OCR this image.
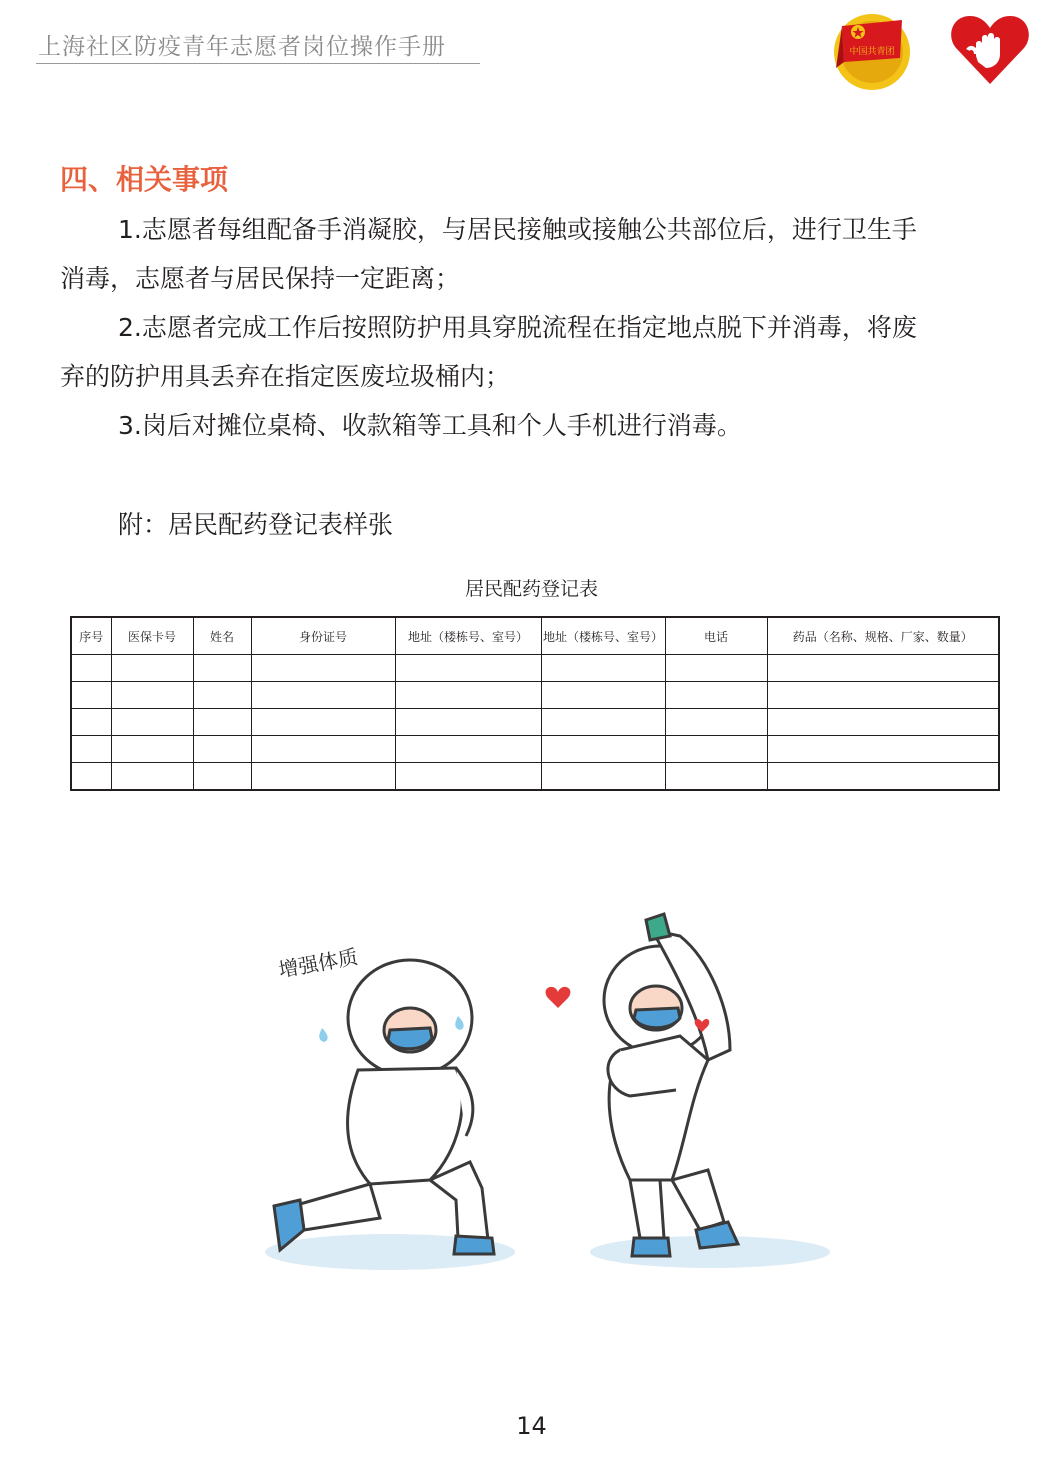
上海社区防疫青年志愿者岗位操作手册	中国共青团
四、相关事项
1.志愿者每组配备手消凝胶，与居民接触或接触公共部位后，进行卫生手
消毒，志愿者与居民保持一定距离；
2.志愿者完成工作后按照防护用具穿脱流程在指定地点脱下并消毒，将废
弃的防护用具丢弃在指定医废垃圾桶内；
3.岗后对摊位桌椅、收款箱等工具和个人手机进行消毒。
附：居民配药登记表样张
居民配药登记表
序号	医保卡号	姓名	身份证号	地址（楼栋号、室号）	地址（楼栋号、室号）	电话	药品（名称、规格、厂家、数量）

增强体质
14
